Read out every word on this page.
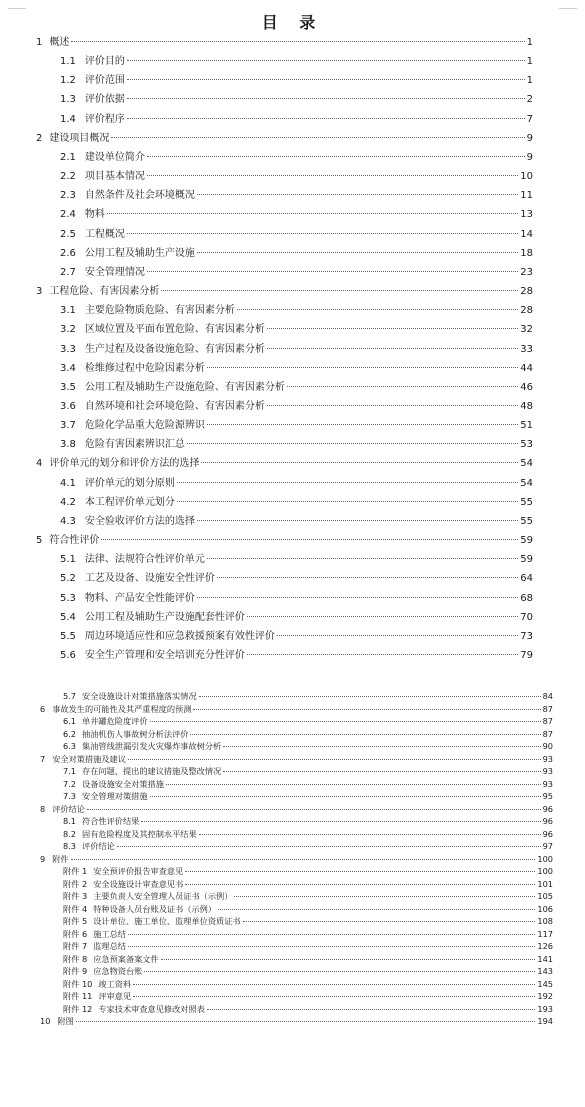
目 录
1 概述	1
1.1 评价目的	1
1.2 评价范围	1
1.3 评价依据	2
1.4 评价程序	7
2 建设项目概况	9
2.1 建设单位简介	9
2.2 项目基本情况	10
2.3 自然条件及社会环境概况	11
2.4 物料	13
2.5 工程概况	14
2.6 公用工程及辅助生产设施	18
2.7 安全管理情况	23
3 工程危险、有害因素分析	28
3.1 主要危险物质危险、有害因素分析	28
3.2 区域位置及平面布置危险、有害因素分析	32
3.3 生产过程及设备设施危险、有害因素分析	33
3.4 检维修过程中危险因素分析	44
3.5 公用工程及辅助生产设施危险、有害因素分析	46
3.6 自然环境和社会环境危险、有害因素分析	48
3.7 危险化学品重大危险源辨识	51
3.8 危险有害因素辨识汇总	53
4 评价单元的划分和评价方法的选择	54
4.1 评价单元的划分原则	54
4.2 本工程评价单元划分	55
4.3 安全验收评价方法的选择	55
5 符合性评价	59
5.1 法律、法规符合性评价单元	59
5.2 工艺及设备、设施安全性评价	64
5.3 物料、产品安全性能评价	68
5.4 公用工程及辅助生产设施配套性评价	70
5.5 周边环境适应性和应急救援预案有效性评价	73
5.6 安全生产管理和安全培训充分性评价	79
5.7 安全设施设计对策措施落实情况	84
6 事故发生的可能性及其严重程度的预测	87
6.1 单井罐危险度评价	87
6.2 抽油机伤人事故树分析法评价	87
6.3 集油管线泄漏引发火灾爆炸事故树分析	90
7 安全对策措施及建议	93
7.1 存在问题、提出的建议措施及整改情况	93
7.2 设备设施安全对策措施	93
7.3 安全管理对策措施	95
8 评价结论	96
8.1 符合性评价结果	96
8.2 固有危险程度及其控制水平结果	96
8.3 评价结论	97
9 附件	100
附件 1 安全预评价报告审查意见	100
附件 2 安全设施设计审查意见书	101
附件 3 主要负责人安全管理人员证书（示例）	105
附件 4 特种设备人员台账及证书（示例）	106
附件 5 设计单位、施工单位、监理单位资质证书	108
附件 6 施工总结	117
附件 7 监理总结	126
附件 8 应急预案备案文件	141
附件 9 应急物资台账	143
附件 10 竣工资料	145
附件 11 评审意见	192
附件 12 专家技术审查意见修改对照表	193
10 附图	194
